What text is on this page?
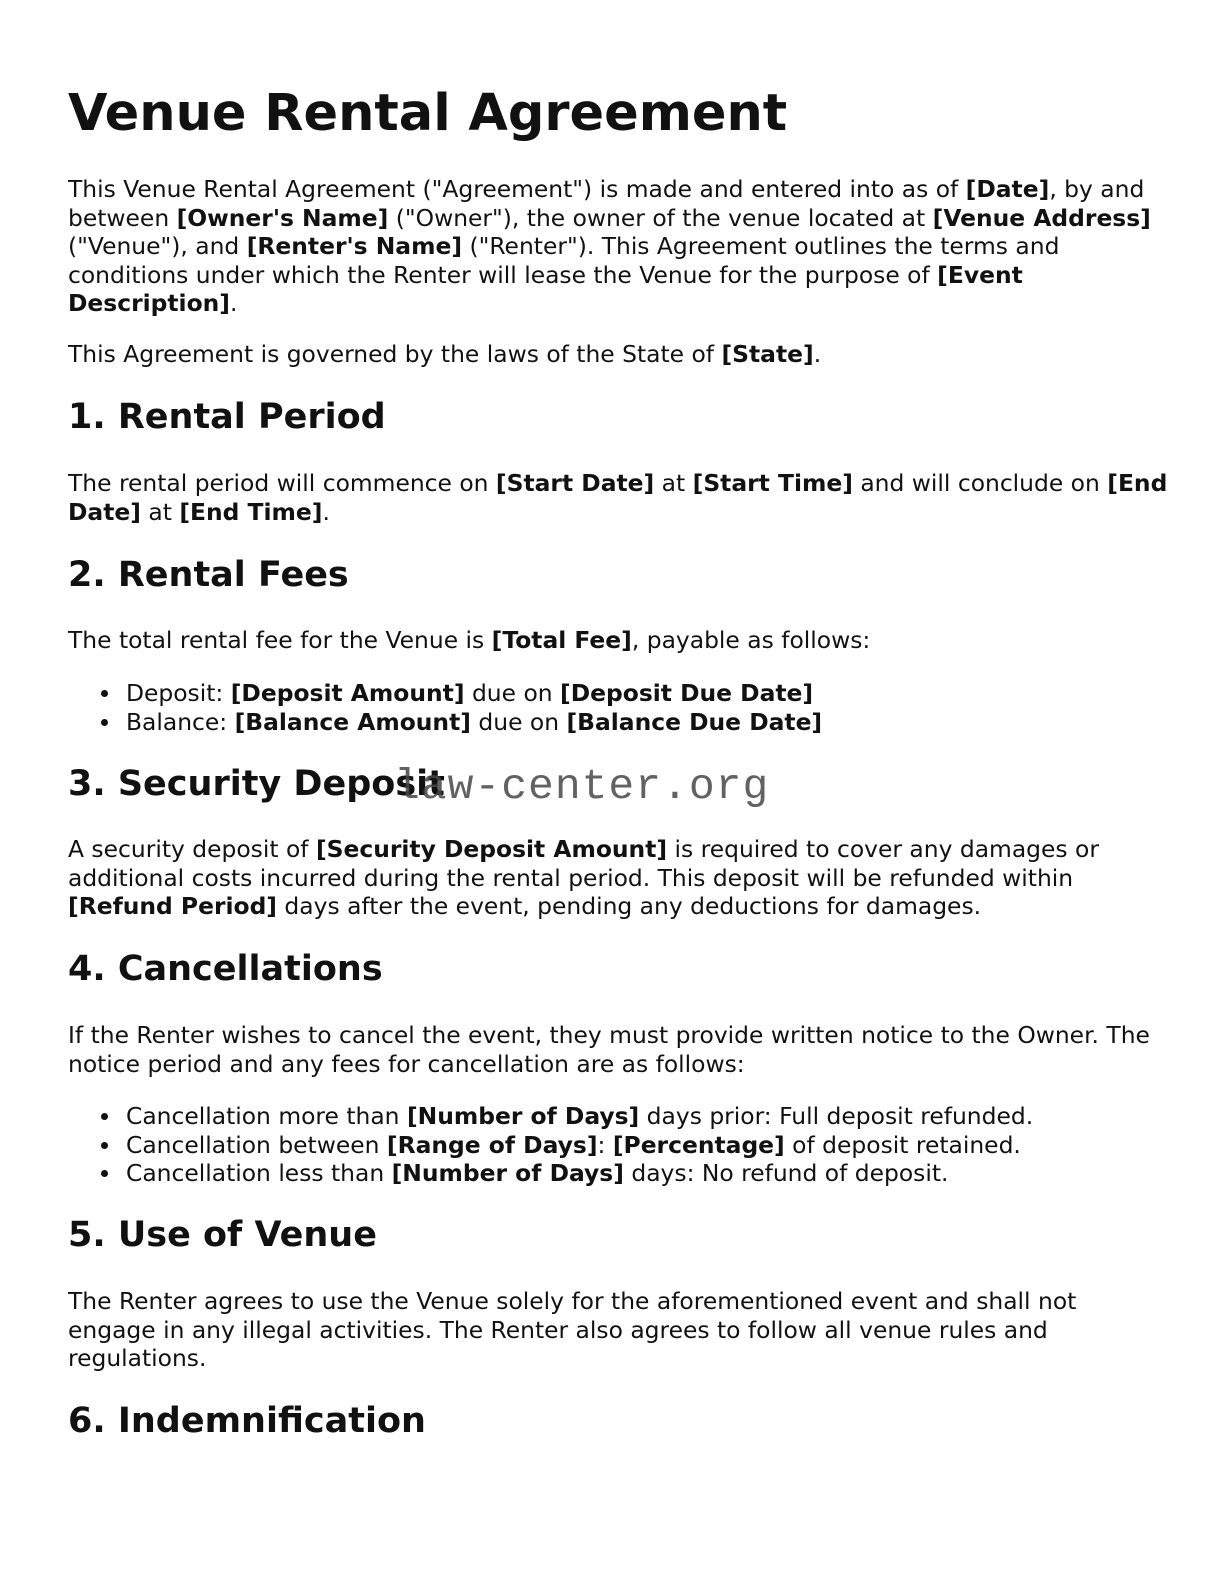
Venue Rental Agreement

This Venue Rental Agreement ("Agreement") is made and entered into as of [Date], by and between [Owner's Name] ("Owner"), the owner of the venue located at [Venue Address] ("Venue"), and [Renter's Name] ("Renter"). This Agreement outlines the terms and conditions under which the Renter will lease the Venue for the purpose of [Event Description].

This Agreement is governed by the laws of the State of [State].

1. Rental Period

The rental period will commence on [Start Date] at [Start Time] and will conclude on [End Date] at [End Time].

2. Rental Fees

The total rental fee for the Venue is [Total Fee], payable as follows:

Deposit: [Deposit Amount] due on [Deposit Due Date]
Balance: [Balance Amount] due on [Balance Due Date]
3. Security Deposit

A security deposit of [Security Deposit Amount] is required to cover any damages or additional costs incurred during the rental period. This deposit will be refunded within [Refund Period] days after the event, pending any deductions for damages.

4. Cancellations

If the Renter wishes to cancel the event, they must provide written notice to the Owner. The notice period and any fees for cancellation are as follows:

Cancellation more than [Number of Days] days prior: Full deposit refunded.
Cancellation between [Range of Days]: [Percentage] of deposit retained.
Cancellation less than [Number of Days] days: No refund of deposit.
5. Use of Venue

The Renter agrees to use the Venue solely for the aforementioned event and shall not engage in any illegal activities. The Renter also agrees to follow all venue rules and regulations.

6. Indemnification
law-center.org
